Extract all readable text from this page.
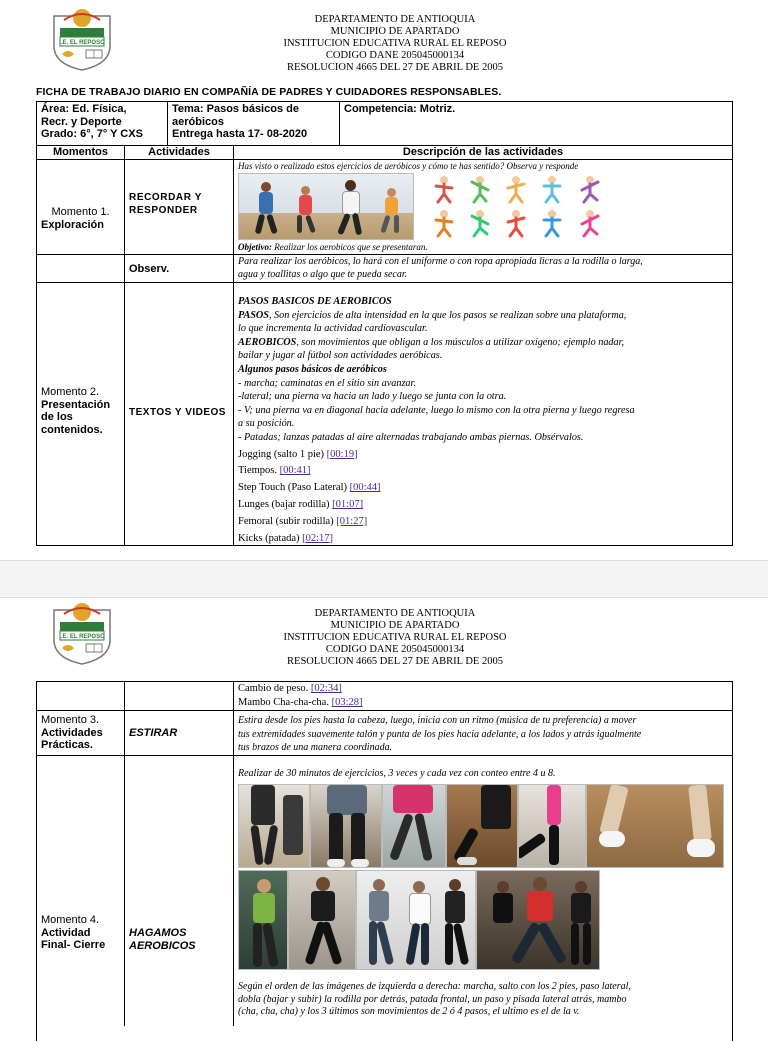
I.E. EL REPOSO
DEPARTAMENTO DE ANTIOQUIA
MUNICIPIO DE APARTADO
INSTITUCION EDUCATIVA RURAL EL REPOSO
CODIGO DANE 205045000134
RESOLUCION 4665 DEL 27 DE ABRIL DE 2005
FICHA DE TRABAJO DIARIO EN COMPAÑÍA DE PADRES Y CUIDADORES RESPONSABLES.
Área: Ed. Física,
Recr. y Deporte
Grado: 6°, 7° Y CXS
Tema: Pasos básicos de
aeróbicos
Entrega hasta 17- 08-2020
Competencia: Motriz.
Momentos	Actividades	Descripción de las actividades
Momento 1.
Exploración
RECORDAR Y
RESPONDER
Has visto o realizado estos ejercicios de aeróbicos y cómo te has sentido? Observa y responde
Objetivo: Realizar los aerobicos que se presentaran.
Observ.
Para realizar los aeróbicos, lo hará con el uniforme o con ropa apropiada licras a la rodilla o larga,
agua y toallitas o algo que te pueda secar.
Momento 2.
Presentación
de los
contenidos.
TEXTOS Y VIDEOS

PASOS BASICOS DE AEROBICOS

PASOS, Son ejercicios de alta intensidad en la que los pasos se realizan sobre una plataforma,

lo que incrementa la actividad cardiovascular.

AEROBICOS, son movimientos que obligan a los músculos a utilizar oxígeno; ejemplo nadar,

bailar y jugar al fútbol son actividades aeróbicas.

Algunos pasos básicos de aeróbicos

- marcha; caminatas en el sitio sin avanzar.

-lateral; una pierna va hacia un lado y luego se junta con la otra.

- V; una pierna va en diagonal hacia adelante, luego lo mismo con la otra pierna y luego regresa

a su posición.

- Patadas; lanzas patadas al aire alternadas trabajando ambas piernas. Obsérvalos.

Jogging (salto 1 pie) [00:19]

Tiempos. [00:41]

Step Touch (Paso Lateral) [00:44]

Lunges (bajar rodilla) [01:07]

Femoral (subir rodilla) [01:27]

Kicks (patada) [02:17]

I.E. EL REPOSO
DEPARTAMENTO DE ANTIOQUIA
MUNICIPIO DE APARTADO
INSTITUCION EDUCATIVA RURAL EL REPOSO
CODIGO DANE 205045000134
RESOLUCION 4665 DEL 27 DE ABRIL DE 2005
Cambio de peso. [02:34]
Mambo Cha-cha-cha. [03:28]
Momento 3.
Actividades
Prácticas.
ESTIRAR
Estira desde los pies hasta la cabeza, luego, inicia con un ritmo (música de tu preferencia) a mover
tus extremidades suavemente talón y punta de los pies hacia adelante, a los lados y atrás igualmente
tus brazos de una manera coordinada.
Momento 4.
Actividad
Final- Cierre
HAGAMOS
AEROBICOS
Realizar de 30 minutos de ejercicios, 3 veces y cada vez con conteo entre 4 u 8.
Según el orden de las imágenes de izquierda a derecha: marcha, salto con los 2 pies, paso lateral,
dobla (bajar y subir) la rodilla por detrás, patada frontal, un paso y pisada lateral atrás, mambo
(cha, cha, cha) y los 3 últimos son movimientos de 2 ó 4 pasos, el ultimo es el de la v.
